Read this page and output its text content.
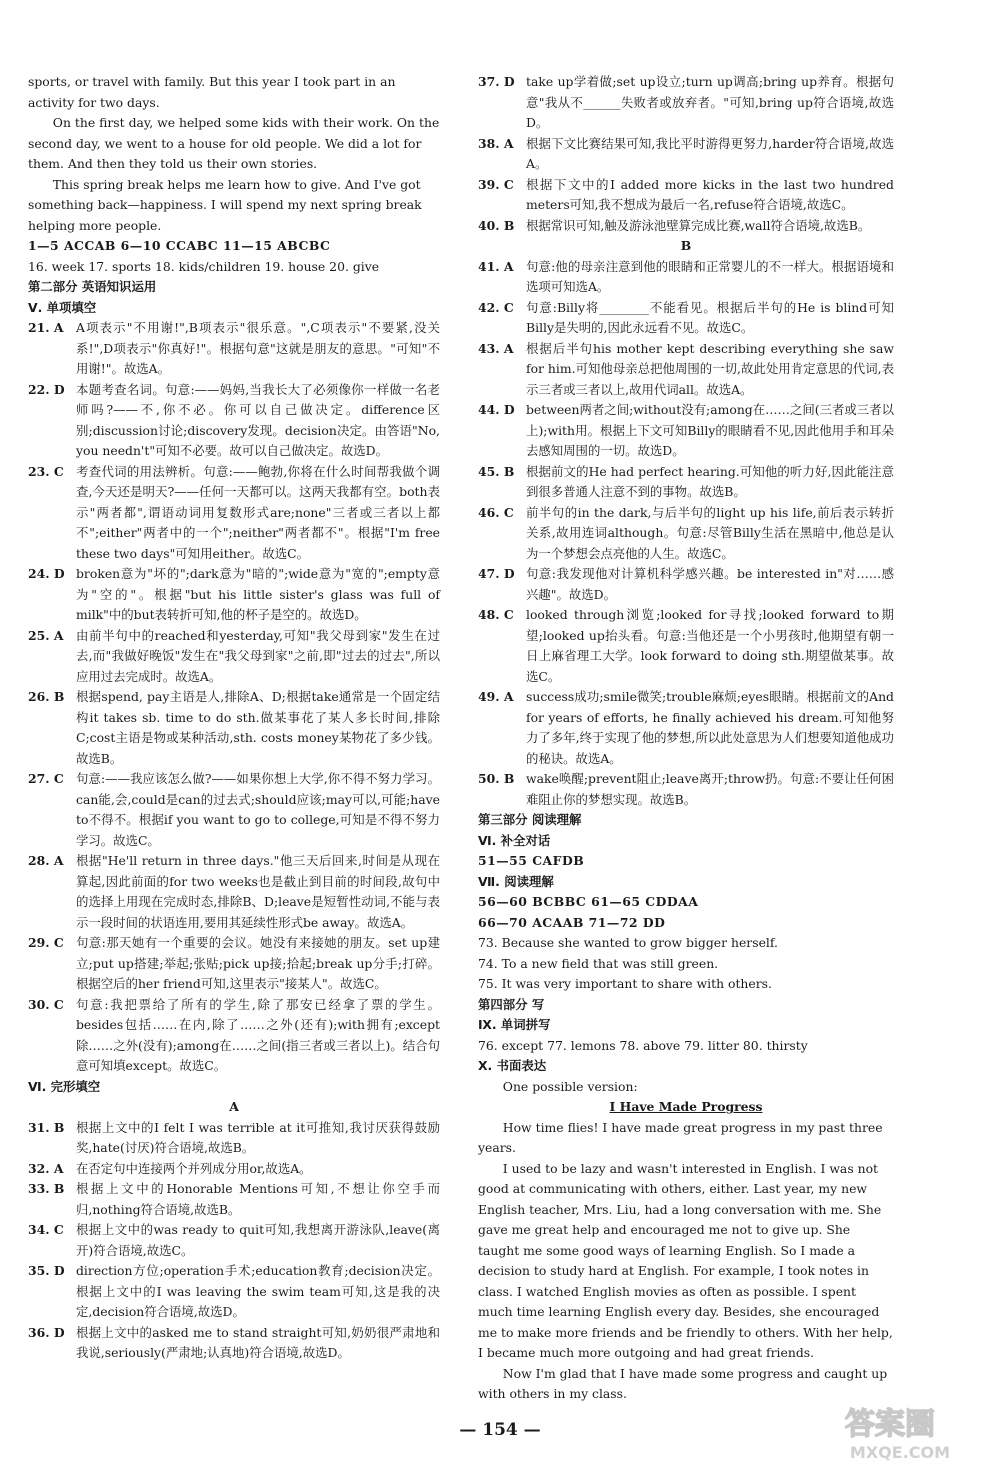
sports, or travel with family. But this year I took part in an activity for two days.

On the first day, we helped some kids with their work. On the second day, we went to a house for old people. We did a lot for them. And then they told us their own stories.

This spring break helps me learn how to give. And I've got something back—happiness. I will spend my next spring break helping more people.

1—5 ACCAB 6—10 CCABC 11—15 ABCBC

16. week 17. sports 18. kids/children 19. house 20. give

第二部分 英语知识运用

Ⅴ. 单项填空

21. A	A项表示"不用谢!",B项表示"很乐意。",C项表示"不要紧,没关系!",D项表示"你真好!"。根据句意"这就是朋友的意思。"可知"不用谢!"。故选A。
22. D 本题考查名词。句意:——妈妈,当我长大了必须像你一样做一名老师吗?——不,你不必。你可以自己做决定。difference区别;discussion讨论;discovery发现。decision决定。由答语"No, you needn't"可知不必要。故可以自己做决定。故选D。
23. C 考查代词的用法辨析。句意:——鲍勃,你将在什么时间帮我做个调查,今天还是明天?——任何一天都可以。这两天我都有空。both表示"两者都",谓语动词用复数形式are;none"三者或三者以上都不";either"两者中的一个";neither"两者都不"。根据"I'm free these two days"可知用either。故选C。
24. D broken意为"坏的";dark意为"暗的";wide意为"宽的";empty意为"空的"。根据"but his little sister's glass was full of milk"中的but表转折可知,他的杯子是空的。故选D。
25. A	由前半句中的reached和yesterday,可知"我父母到家"发生在过去,而"我做好晚饭"发生在"我父母到家"之前,即"过去的过去",所以应用过去完成时。故选A。
26. B 根据spend, pay主语是人,排除A、D;根据take通常是一个固定结构it takes sb. time to do sth.做某事花了某人多长时间,排除C;cost主语是物或某种活动,sth. costs money某物花了多少钱。故选B。
27. C 句意:——我应该怎么做?——如果你想上大学,你不得不努力学习。can能,会,could是can的过去式;should应该;may可以,可能;have to不得不。根据if you want to go to college,可知是不得不努力学习。故选C。
28. A	根据"He'll return in three days."他三天后回来,时间是从现在算起,因此前面的for two weeks也是截止到目前的时间段,故句中的选择上用现在完成时态,排除B、D;leave是短暂性动词,不能与表示一段时间的状语连用,要用其延续性形式be away。故选A。
29. C 句意:那天她有一个重要的会议。她没有来接她的朋友。set up建立;put up搭建;举起;张贴;pick up接;拾起;break up分手;打碎。根据空后的her friend可知,这里表示"接某人"。故选C。
30. C 句意:我把票给了所有的学生,除了那安已经拿了票的学生。besides包括……在内,除了……之外(还有);with拥有;except除……之外(没有);among在……之间(指三者或三者以上)。结合句意可知填except。故选C。

Ⅵ. 完形填空

A

31. B 根据上文中的I felt I was terrible at it可推知,我讨厌获得鼓励奖,hate(讨厌)符合语境,故选B。
32. A	在否定句中连接两个并列成分用or,故选A。
33. B 根据上文中的Honorable Mentions可知,不想让你空手而归,nothing符合语境,故选B。
34. C 根据上文中的was ready to quit可知,我想离开游泳队,leave(离开)符合语境,故选C。
35. D direction方位;operation手术;education教育;decision决定。根据上文中的I was leaving the swim team可知,这是我的决定,decision符合语境,故选D。
36. D 根据上文中的asked me to stand straight可知,奶奶很严肃地和我说,seriously(严肃地;认真地)符合语境,故选D。
37. D take up学着做;set up设立;turn up调高;bring up养育。根据句意"我从不______失败者或放弃者。"可知,bring up符合语境,故选D。
38. A	根据下文比赛结果可知,我比平时游得更努力,harder符合语境,故选A。
39. C 根据下文中的I added more kicks in the last two hundred meters可知,我不想成为最后一名,refuse符合语境,故选C。
40. B 根据常识可知,触及游泳池壁算完成比赛,wall符合语境,故选B。

B

41. A	句意:他的母亲注意到他的眼睛和正常婴儿的不一样大。根据语境和选项可知选A。
42. C 句意:Billy将________不能看见。根据后半句的He is blind可知Billy是失明的,因此永远看不见。故选C。
43. A	根据后半句his mother kept describing everything she saw for him.可知他母亲总把他周围的一切,故此处用肯定意思的代词,表示三者或三者以上,故用代词all。故选A。
44. D between两者之间;without没有;among在……之间(三者或三者以上);with用。根据上下文可知Billy的眼睛看不见,因此他用手和耳朵去感知周围的一切。故选D。
45. B 根据前文的He had perfect hearing.可知他的听力好,因此能注意到很多普通人注意不到的事物。故选B。
46. C 前半句的in the dark,与后半句的light up his life,前后表示转折关系,故用连词although。句意:尽管Billy生活在黑暗中,他总是认为一个梦想会点亮他的人生。故选C。
47. D 句意:我发现他对计算机科学感兴趣。be interested in"对……感兴趣"。故选D。
48. C looked through浏览;looked for寻找;looked forward to期望;looked up抬头看。句意:当他还是一个小男孩时,他期望有朝一日上麻省理工大学。look forward to doing sth.期望做某事。故选C。
49. A	success成功;smile微笑;trouble麻烦;eyes眼睛。根据前文的And for years of efforts, he finally achieved his dream.可知他努力了多年,终于实现了他的梦想,所以此处意思为人们想要知道他成功的秘诀。故选A。
50. B wake唤醒;prevent阻止;leave离开;throw扔。句意:不要让任何困难阻止你的梦想实现。故选B。

第三部分 阅读理解

Ⅵ. 补全对话

51—55 CAFDB

Ⅶ. 阅读理解

56—60 BCBBC 61—65 CDDAA

66—70 ACAAB 71—72 DD

73. Because she wanted to grow bigger herself.

74. To a new field that was still green.

75. It was very important to share with others.

第四部分 写

Ⅸ. 单词拼写

76. except 77. lemons 78. above 79. litter 80. thirsty

Ⅹ. 书面表达

One possible version:

I Have Made Progress

How time flies! I have made great progress in my past three years.

I used to be lazy and wasn't interested in English. I was not good at communicating with others, either. Last year, my new English teacher, Mrs. Liu, had a long conversation with me. She gave me great help and encouraged me not to give up. She taught me some good ways of learning English. So I made a decision to study hard at English. For example, I took notes in class. I watched English movies as often as possible. I spent much time learning English every day. Besides, she encouraged me to make more friends and be friendly to others. With her help, I became much more outgoing and had great friends.

Now I'm glad that I have made some progress and caught up with others in my class.

— 154 —	答案圈
MXQE.COM
